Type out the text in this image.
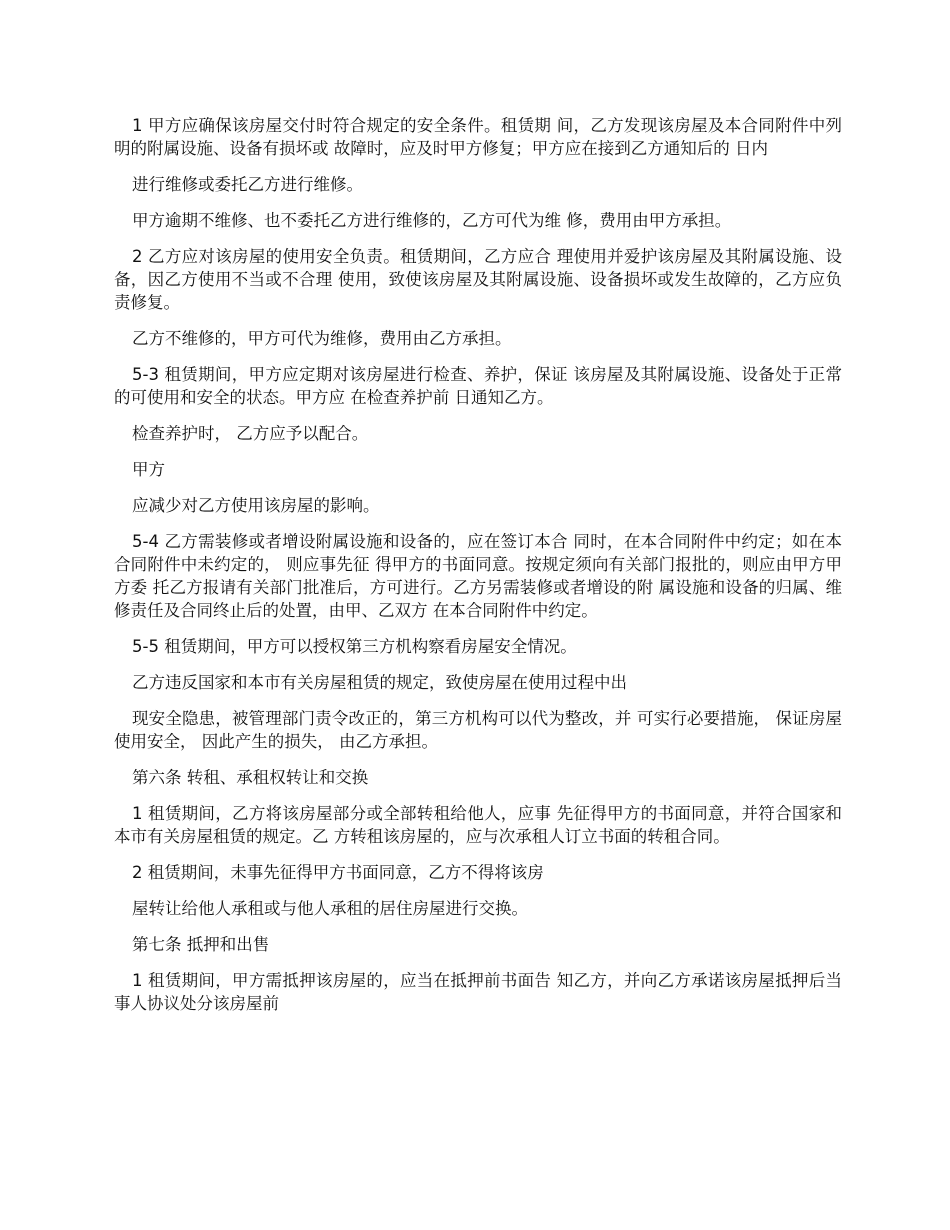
1 甲方应确保该房屋交付时符合规定的安全条件。租赁期 间，乙方发现该房屋及本合同附件中列明的附属设施、设备有损坏或 故障时，应及时甲方修复；甲方应在接到乙方通知后的 日内

进行维修或委托乙方进行维修。

甲方逾期不维修、也不委托乙方进行维修的，乙方可代为维 修，费用由甲方承担。

2 乙方应对该房屋的使用安全负责。租赁期间，乙方应合 理使用并爱护该房屋及其附属设施、设备，因乙方使用不当或不合理 使用，致使该房屋及其附属设施、设备损坏或发生故障的，乙方应负 责修复。

乙方不维修的，甲方可代为维修，费用由乙方承担。

5-3 租赁期间，甲方应定期对该房屋进行检查、养护，保证 该房屋及其附属设施、设备处于正常的可使用和安全的状态。甲方应 在检查养护前 日通知乙方。

检查养护时， 乙方应予以配合。

甲方

应减少对乙方使用该房屋的影响。

5-4 乙方需装修或者增设附属设施和设备的，应在签订本合 同时，在本合同附件中约定；如在本合同附件中未约定的， 则应事先征 得甲方的书面同意。按规定须向有关部门报批的，则应由甲方甲方委 托乙方报请有关部门批准后，方可进行。乙方另需装修或者增设的附 属设施和设备的归属、维修责任及合同终止后的处置，由甲、乙双方 在本合同附件中约定。

5-5 租赁期间，甲方可以授权第三方机构察看房屋安全情况。

乙方违反国家和本市有关房屋租赁的规定，致使房屋在使用过程中出

现安全隐患，被管理部门责令改正的，第三方机构可以代为整改，并 可实行必要措施， 保证房屋使用安全， 因此产生的损失， 由乙方承担。

第六条 转租、承租权转让和交换

1 租赁期间，乙方将该房屋部分或全部转租给他人，应事 先征得甲方的书面同意，并符合国家和本市有关房屋租赁的规定。乙 方转租该房屋的，应与次承租人订立书面的转租合同。

2 租赁期间，未事先征得甲方书面同意，乙方不得将该房

屋转让给他人承租或与他人承租的居住房屋进行交换。

第七条 抵押和出售

1 租赁期间，甲方需抵押该房屋的，应当在抵押前书面告 知乙方，并向乙方承诺该房屋抵押后当事人协议处分该房屋前
